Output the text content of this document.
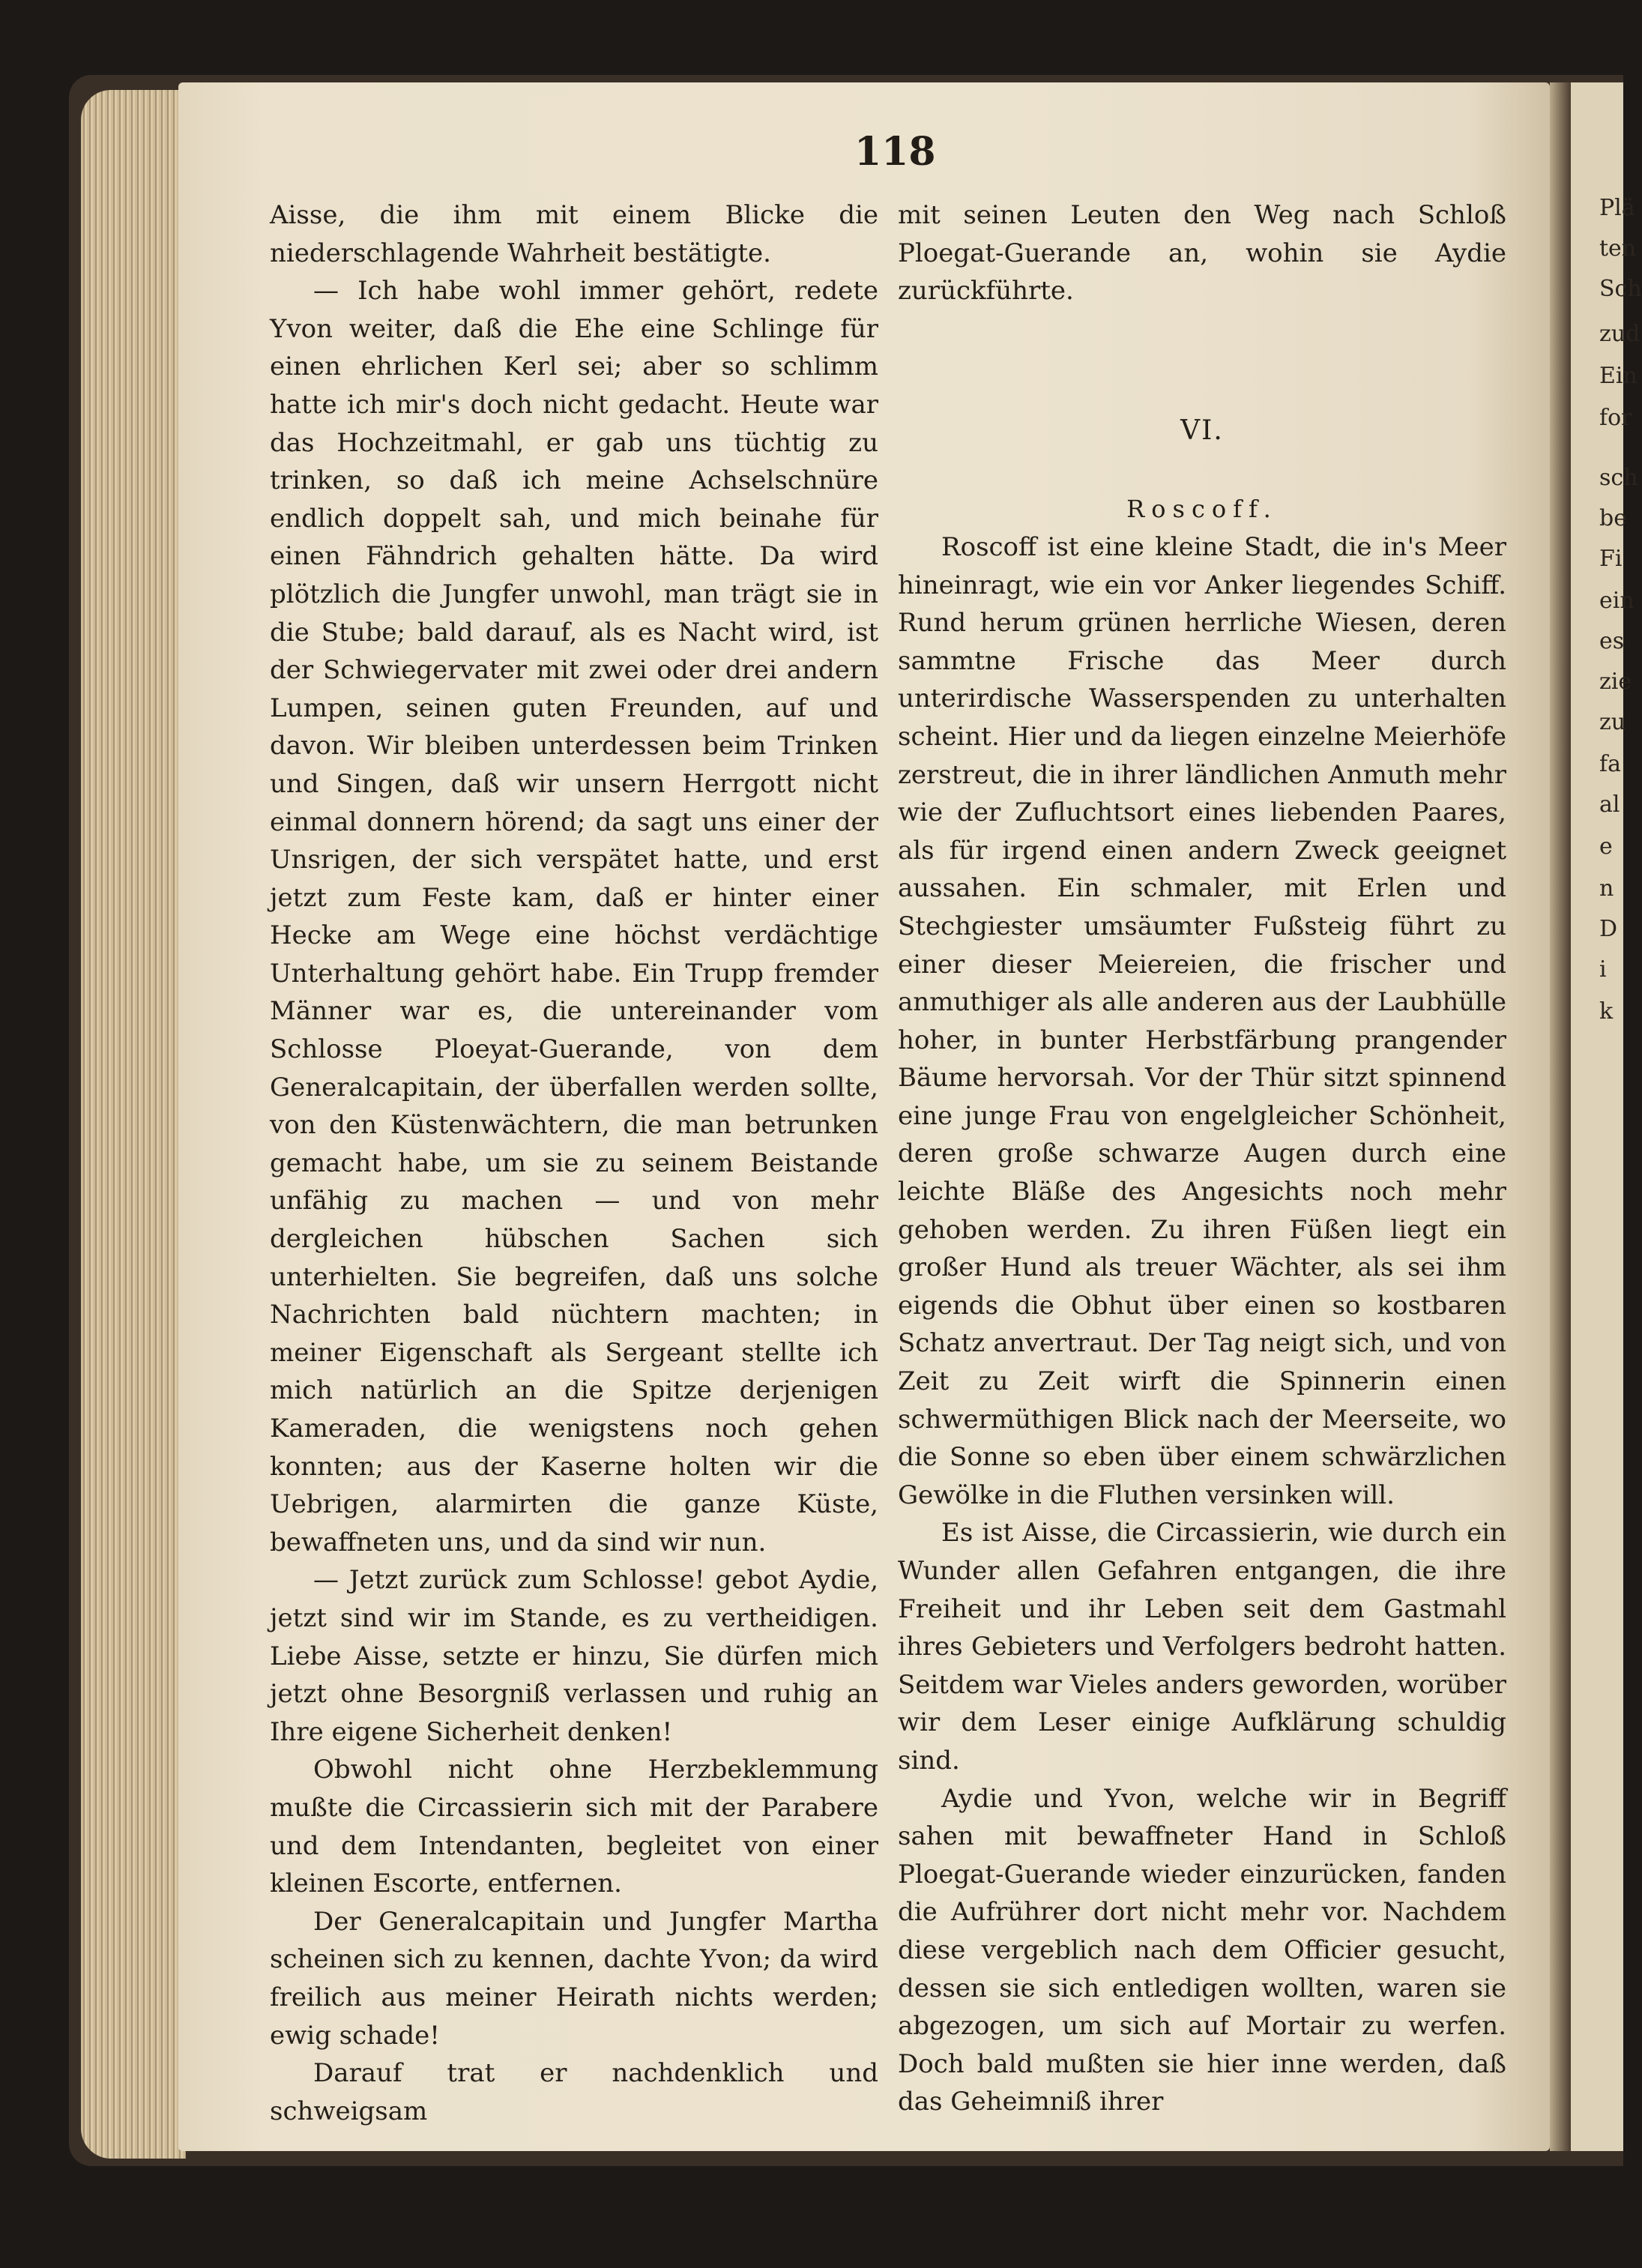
Plä
ten
Sch
zud
Ein
for
sch
be
Fi
ein
es
zie
zu
fa
al
e
n
D
i
k
118

Aisse, die ihm mit einem Blicke die niederschlagende Wahrheit bestätigte.

— Ich habe wohl immer gehört, redete Yvon weiter, daß die Ehe eine Schlinge für einen ehrlichen Kerl sei; aber so schlimm hatte ich mir's doch nicht gedacht. Heute war das Hochzeitmahl, er gab uns tüchtig zu trinken, so daß ich meine Achselschnüre endlich doppelt sah, und mich beinahe für einen Fähndrich gehalten hätte. Da wird plötzlich die Jungfer unwohl, man trägt sie in die Stube; bald darauf, als es Nacht wird, ist der Schwiegervater mit zwei oder drei andern Lumpen, seinen guten Freunden, auf und davon. Wir bleiben unterdessen beim Trinken und Singen, daß wir unsern Herrgott nicht einmal donnern hörend; da sagt uns einer der Unsrigen, der sich verspätet hatte, und erst jetzt zum Feste kam, daß er hinter einer Hecke am Wege eine höchst verdächtige Unterhaltung gehört habe. Ein Trupp fremder Männer war es, die untereinander vom Schlosse Ploeyat-Guerande, von dem Generalcapitain, der überfallen werden sollte, von den Küstenwächtern, die man betrunken gemacht habe, um sie zu seinem Beistande unfähig zu machen — und von mehr dergleichen hübschen Sachen sich unterhielten. Sie begreifen, daß uns solche Nachrichten bald nüchtern machten; in meiner Eigenschaft als Sergeant stellte ich mich natürlich an die Spitze derjenigen Kameraden, die wenigstens noch gehen konnten; aus der Kaserne holten wir die Uebrigen, alarmirten die ganze Küste, bewaffneten uns, und da sind wir nun.

— Jetzt zurück zum Schlosse! gebot Aydie, jetzt sind wir im Stande, es zu vertheidigen. Liebe Aisse, setzte er hinzu, Sie dürfen mich jetzt ohne Besorgniß verlassen und ruhig an Ihre eigene Sicherheit denken!

Obwohl nicht ohne Herzbeklemmung mußte die Circassierin sich mit der Parabere und dem Intendanten, begleitet von einer kleinen Escorte, entfernen.

Der Generalcapitain und Jungfer Martha scheinen sich zu kennen, dachte Yvon; da wird freilich aus meiner Heirath nichts werden; ewig schade!

Darauf trat er nachdenklich und schweigsam

mit seinen Leuten den Weg nach Schloß Ploegat-Guerande an, wohin sie Aydie zurückführte.

VI.
Roscoff.

Roscoff ist eine kleine Stadt, die in's Meer hineinragt, wie ein vor Anker liegendes Schiff. Rund herum grünen herrliche Wiesen, deren sammtne Frische das Meer durch unterirdische Wasserspenden zu unterhalten scheint. Hier und da liegen einzelne Meierhöfe zerstreut, die in ihrer ländlichen Anmuth mehr wie der Zufluchtsort eines liebenden Paares, als für irgend einen andern Zweck geeignet aussahen. Ein schmaler, mit Erlen und Stechgiester umsäumter Fußsteig führt zu einer dieser Meiereien, die frischer und anmuthiger als alle anderen aus der Laubhülle hoher, in bunter Herbstfärbung prangender Bäume hervorsah. Vor der Thür sitzt spinnend eine junge Frau von engelgleicher Schönheit, deren große schwarze Augen durch eine leichte Bläße des Angesichts noch mehr gehoben werden. Zu ihren Füßen liegt ein großer Hund als treuer Wächter, als sei ihm eigends die Obhut über einen so kostbaren Schatz anvertraut. Der Tag neigt sich, und von Zeit zu Zeit wirft die Spinnerin einen schwermüthigen Blick nach der Meerseite, wo die Sonne so eben über einem schwärzlichen Gewölke in die Fluthen versinken will.

Es ist Aisse, die Circassierin, wie durch ein Wunder allen Gefahren entgangen, die ihre Freiheit und ihr Leben seit dem Gastmahl ihres Gebieters und Verfolgers bedroht hatten. Seitdem war Vieles anders geworden, worüber wir dem Leser einige Aufklärung schuldig sind.

Aydie und Yvon, welche wir in Begriff sahen mit bewaffneter Hand in Schloß Ploegat-Guerande wieder einzurücken, fanden die Aufrührer dort nicht mehr vor. Nachdem diese vergeblich nach dem Officier gesucht, dessen sie sich entledigen wollten, waren sie abgezogen, um sich auf Mortair zu werfen. Doch bald mußten sie hier inne werden, daß das Geheimniß ihrer
